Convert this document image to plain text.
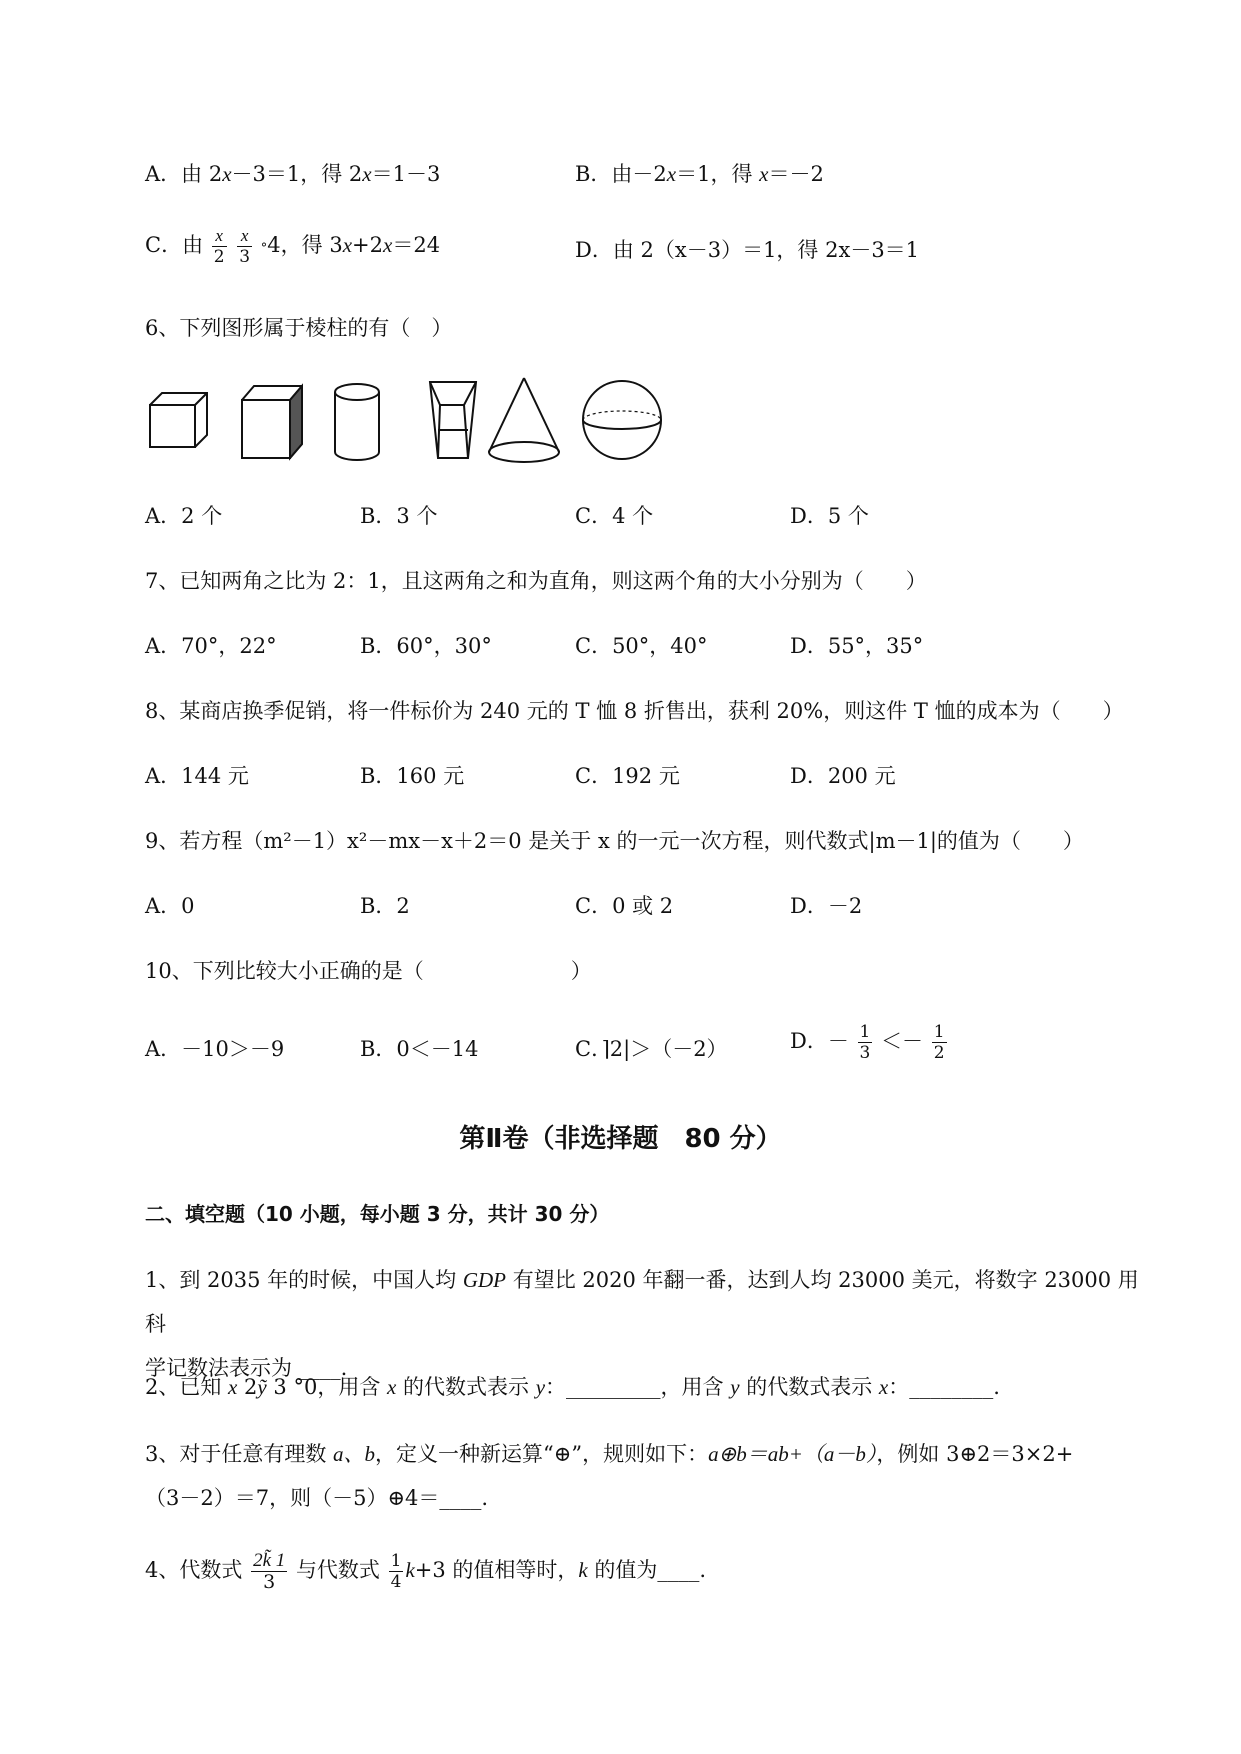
A．由 2x－3＝1，得 2x＝1－3	B．由－2x＝1，得 x＝－2
C．由 $\frac{x}{2}$
$\frac{x}{3} ^\circ 4$，得 3x+2x＝24	D．由 2（x－3）＝1，得 2x－3＝1
6、下列图形属于棱柱的有（　）
A．2 个	B．3 个	C．4 个	D．5 个
7、已知两角之比为 2：1，且这两角之和为直角，则这两个角的大小分别为（　　）
A．70°，22°	B．60°，30°	C．50°，40°	D．55°，35°
8、某商店换季促销，将一件标价为 240 元的 T 恤 8 折售出，获利 20%，则这件 T 恤的成本为（　　）
A．144 元	B．160 元	C．192 元	D．200 元
9、若方程（m²－1）x²－mx－x＋2＝0 是关于 x 的一元一次方程，则代数式|m－1|的值为（　　）
A．0	B．2	C．0 或 2	D．－2
10、下列比较大小正确的是（　　　　　　　）
A．－10＞－9	B．0＜－14	C．⌉2|＞（－2）	D．－ $\frac{1}{3} <- \frac{1}{2}$
第Ⅱ卷（非选择题　80 分）
二、填空题（10 小题，每小题 3 分，共计 30 分）
1、到 2035 年的时候，中国人均 GDP 有望比 2020 年翻一番，达到人均 23000 美元，将数字 23000 用科
学记数法表示为 ____.
2、已知 x 2ỹ 3 °0，用含 x 的代数式表示 y：_________，用含 y 的代数式表示 x：________.
3、对于任意有理数 a、b，定义一种新运算“⊕”，规则如下：a⊕b＝ab+（a－b），例如 3⊕2＝3×2+
（3－2）＝7，则（－5）⊕4＝____.
4、代数式 $\frac{2k̃ 1}{3}$ 与代数式 $\frac{1}{4} k+3$ 的值相等时，k 的值为____.
